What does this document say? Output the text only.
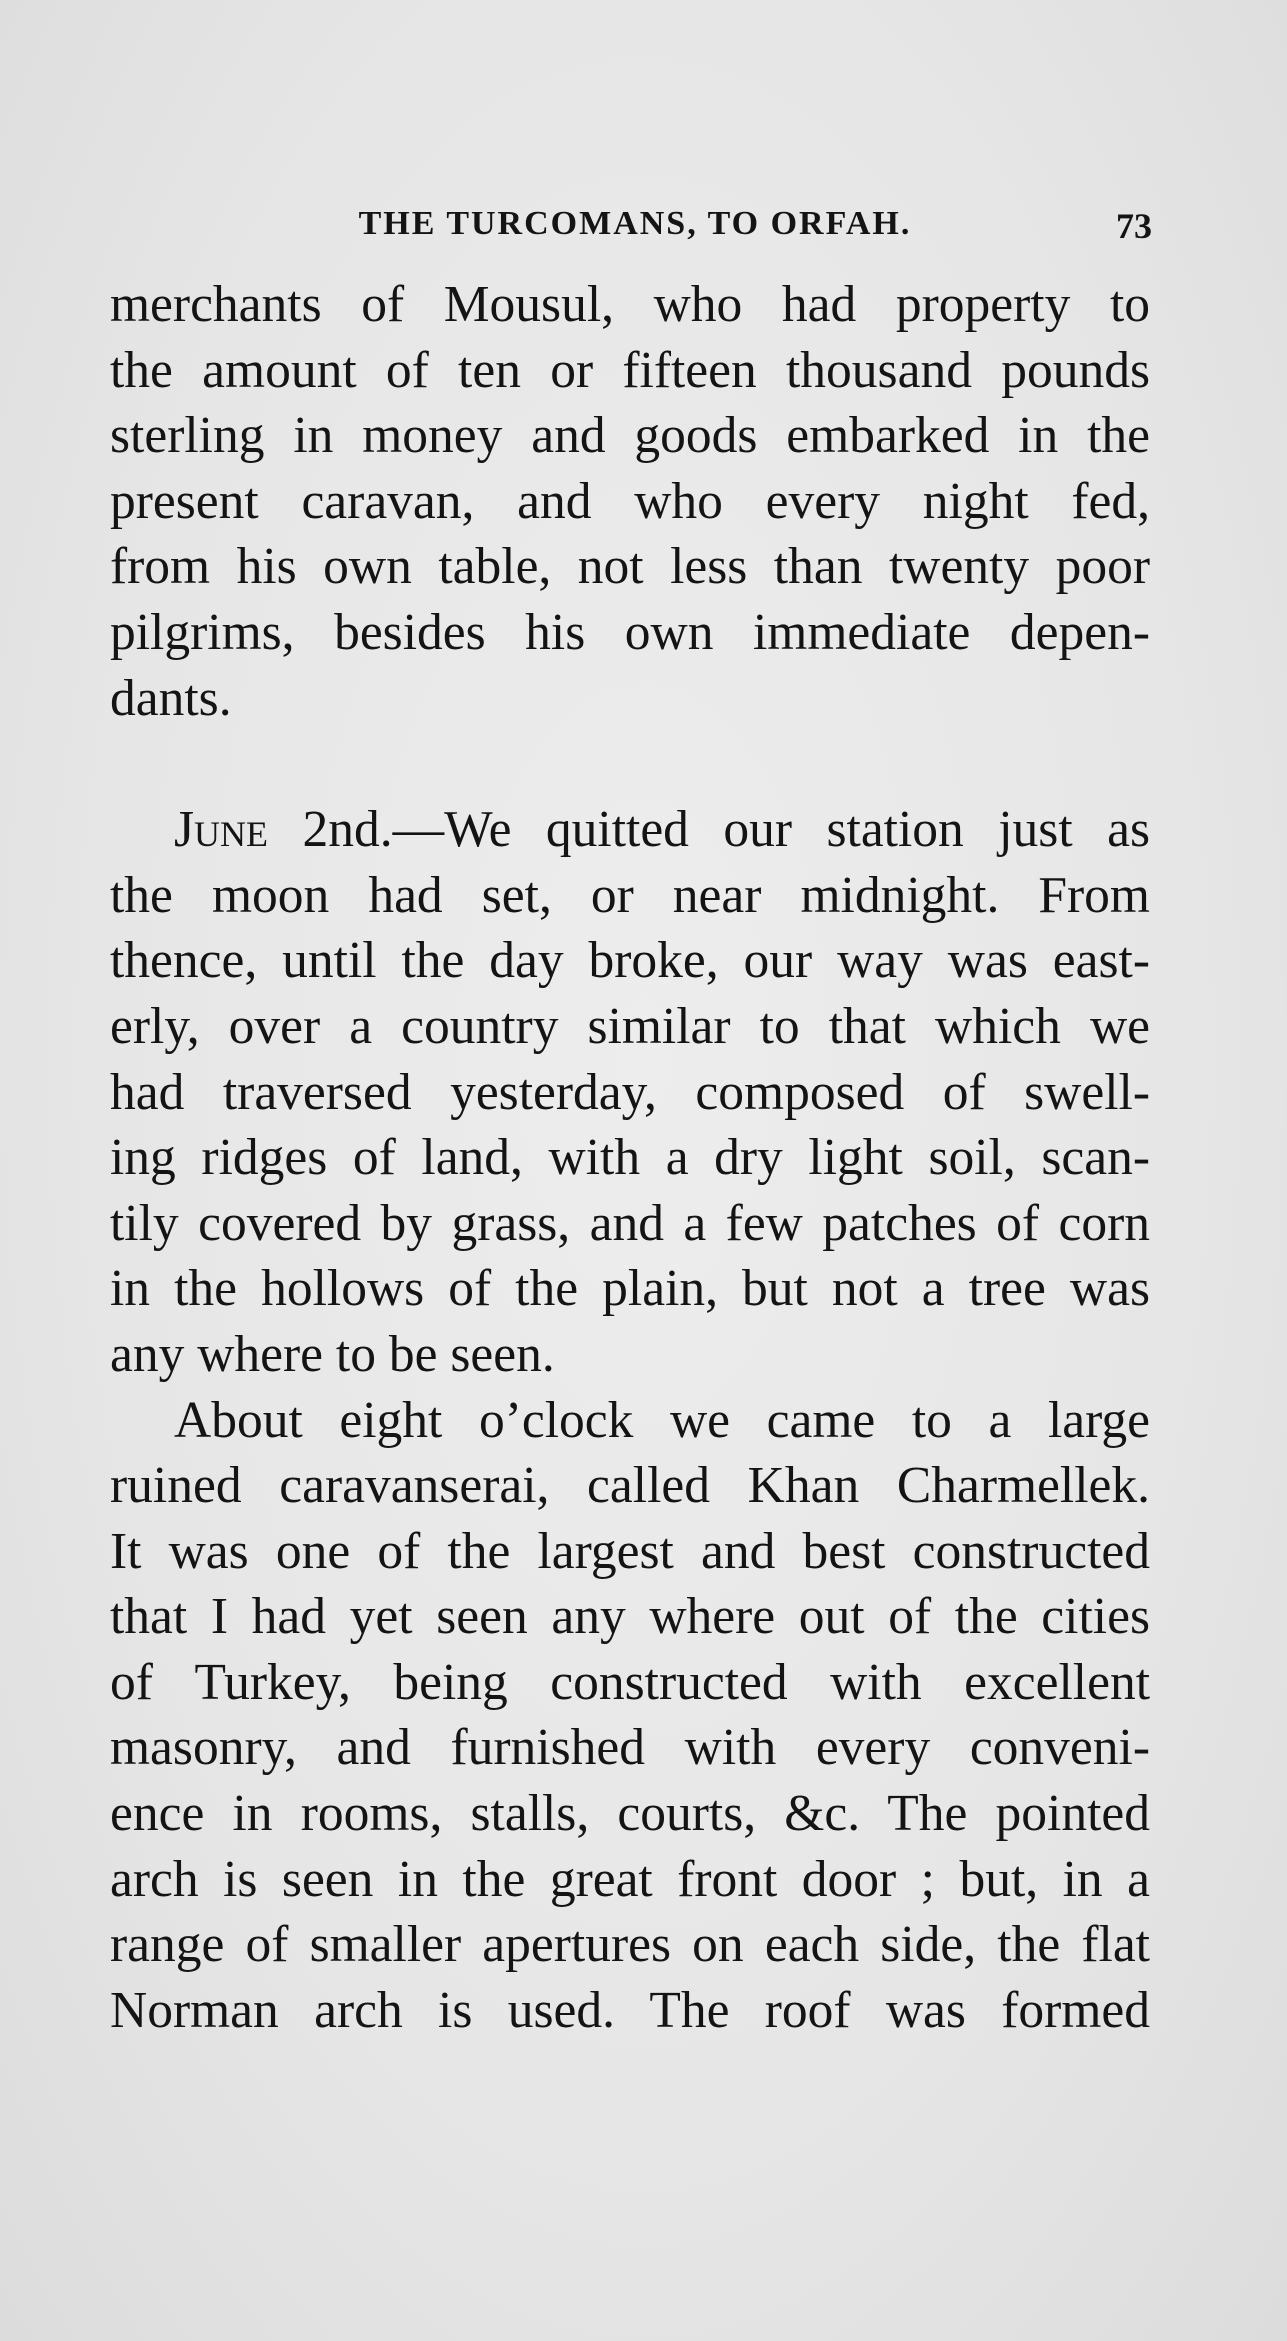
THE TURCOMANS, TO ORFAH.	73
merchants of Mousul, who had property to
the amount of ten or fifteen thousand pounds
sterling in money and goods embarked in the
present caravan, and who every night fed,
from his own table, not less than twenty poor
pilgrims, besides his own immediate depen-
dants.
June 2nd.—We quitted our station just as
the moon had set, or near midnight. From
thence, until the day broke, our way was east-
erly, over a country similar to that which we
had traversed yesterday, composed of swell-
ing ridges of land, with a dry light soil, scan-
tily covered by grass, and a few patches of corn
in the hollows of the plain, but not a tree was
any where to be seen.
About eight o’clock we came to a large
ruined caravanserai, called Khan Charmellek.
It was one of the largest and best constructed
that I had yet seen any where out of the cities
of Turkey, being constructed with excellent
masonry, and furnished with every conveni-
ence in rooms, stalls, courts, &c. The pointed
arch is seen in the great front door ; but, in a
range of smaller apertures on each side, the flat
Norman arch is used. The roof was formed
